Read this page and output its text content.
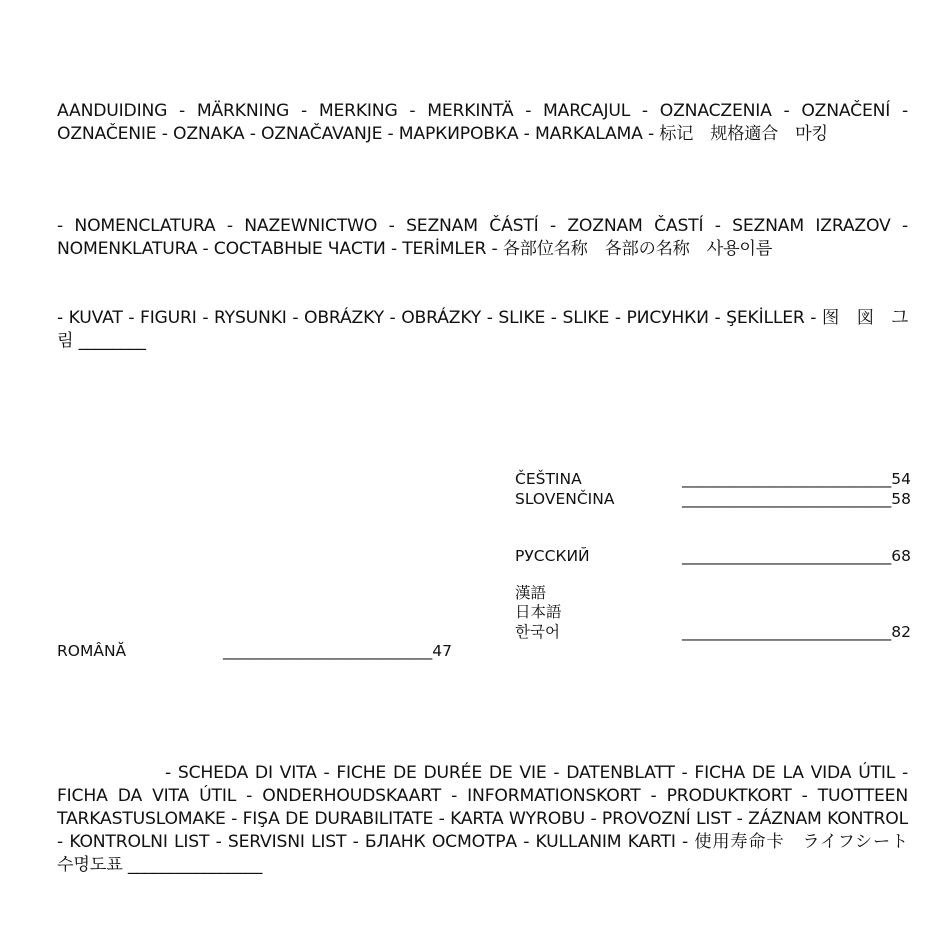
AANDUIDING - MÄRKNING - MERKING - MERKINTÄ - MARCAJUL - OZNACZENIA - OZNAČENÍ - OZNAČENIE - OZNAKA - OZNAČAVANJE - МАРКИРОВКА - MARKALAMA - 标记　规格適合　마킹
- NOMENCLATURA - NAZEWNICTWO - SEZNAM ČÁSTÍ - ZOZNAM ČASTÍ - SEZNAM IZRAZOV - NOMENKLATURA - СОСТАВНЫЕ ЧАСТИ - TERİMLER - 各部位名称　各部の名称　사용이름
- KUVAT - FIGURI - RYSUNKI - OBRÁZKY - OBRÁZKY - SLIKE - SLIKE - РИСУНКИ - ŞEKİLLER - 图　図　그림 ________
ROMÂNĂ	___________________________ 47
ČEŠTINA	___________________________ 54
SLOVENČINA	___________________________ 58
РУССКИЙ	___________________________ 68
漢語
日本語
한국어	___________________________ 82
- SCHEDA DI VITA - FICHE DE DURÉE DE VIE - DATENBLATT - FICHA DE LA VIDA ÚTIL - FICHA DA VITA ÚTIL - ONDERHOUDSKAART - INFORMATIONSKORT - PRODUKTKORT - TUOTTEEN TARKASTUSLOMAKE - FIŞA DE DURABILITATE - KARTA WYROBU - PROVOZNÍ LIST - ZÁZNAM KONTROL - KONTROLNI LIST - SERVISNI LIST - БЛАНК ОСМОТРА - KULLANIM KARTI - 使用寿命卡　ライフシート　수명도표 ________________
